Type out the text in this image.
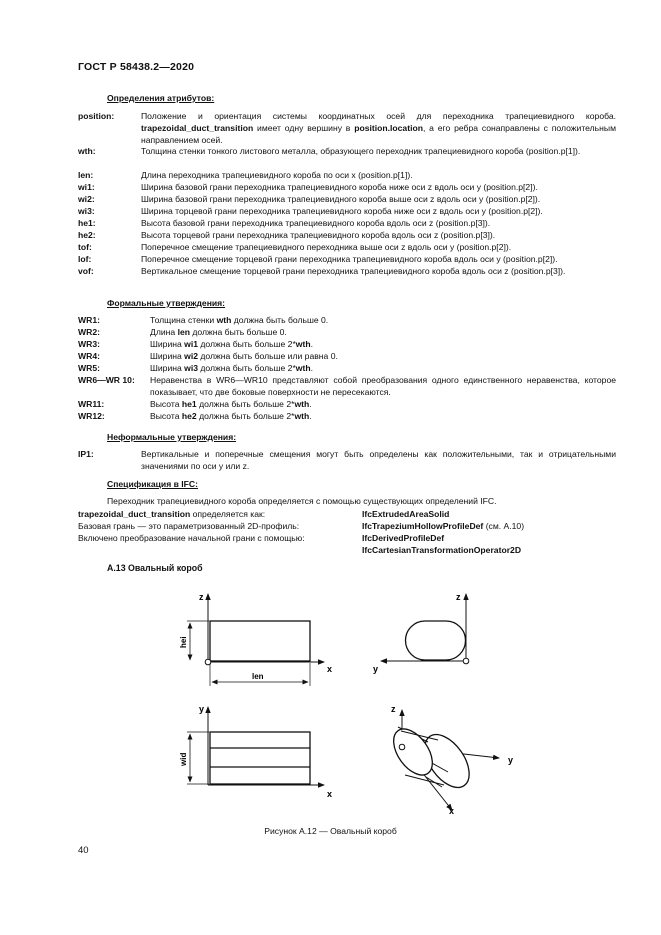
ГОСТ Р 58438.2—2020
Определения атрибутов:
position:	Положение и ориентация системы координатных осей для переходника трапециевидного короба. trapezoidal_duct_transition имеет одну вершину в position.location, а его ребра сонаправлены с положительным направлением осей.
wth:	Толщина стенки тонкого листового металла, образующего переходник трапециевидного короба (position.p[1]).
len:	Длина переходника трапециевидного короба по оси x (position.p[1]).
wi1:	Ширина базовой грани переходника трапециевидного короба ниже оси z вдоль оси y (position.p[2]).
wi2:	Ширина базовой грани переходника трапециевидного короба выше оси z вдоль оси y (position.p[2]).
wi3:	Ширина торцевой грани переходника трапециевидного короба ниже оси z вдоль оси y (position.p[2]).
he1:	Высота базовой грани переходника трапециевидного короба вдоль оси z (position.p[3]).
he2:	Высота торцевой грани переходника трапециевидного короба вдоль оси z (position.p[3]).
tof:	Поперечное смещение трапециевидного переходника выше оси z вдоль оси y (position.p[2]).
lof:	Поперечное смещение торцевой грани переходника трапециевидного короба вдоль оси y (position.p[2]).
vof:	Вертикальное смещение торцевой грани переходника трапециевидного короба вдоль оси z (position.p[3]).
Формальные утверждения:
WR1:	Толщина стенки wth должна быть больше 0.
WR2:	Длина len должна быть больше 0.
WR3:	Ширина wi1 должна быть больше 2*wth.
WR4:	Ширина wi2 должна быть больше или равна 0.
WR5:	Ширина wi3 должна быть больше 2*wth.
WR6—WR 10: Неравенства в WR6—WR10 представляют собой преобразования одного единственного неравенства, которое показывает, что две боковые поверхности не пересекаются.
WR11:	Высота he1 должна быть больше 2*wth.
WR12:	Высота he2 должна быть больше 2*wth.
Неформальные утверждения:
IP1:	Вертикальные и поперечные смещения могут быть определены как положительными, так и отрицательными значениями по оси y или z.
Спецификация в IFC:
Переходник трапециевидного короба определяется с помощью существующих определений IFC.
trapezoidal_duct_transition определяется как:	IfcExtrudedAreaSolid
Базовая грань — это параметризованный 2D-профиль:	IfcTrapeziumHollowProfileDef (см. A.10)
Включено преобразование начальной грани с помощью:	IfcDerivedProfileDef
IfcCartesianTransformationOperator2D
A.13 Овальный короб
z
x
hei
len
z
y
y
x
wid
z
y
x
Рисунок A.12 — Овальный короб
40
